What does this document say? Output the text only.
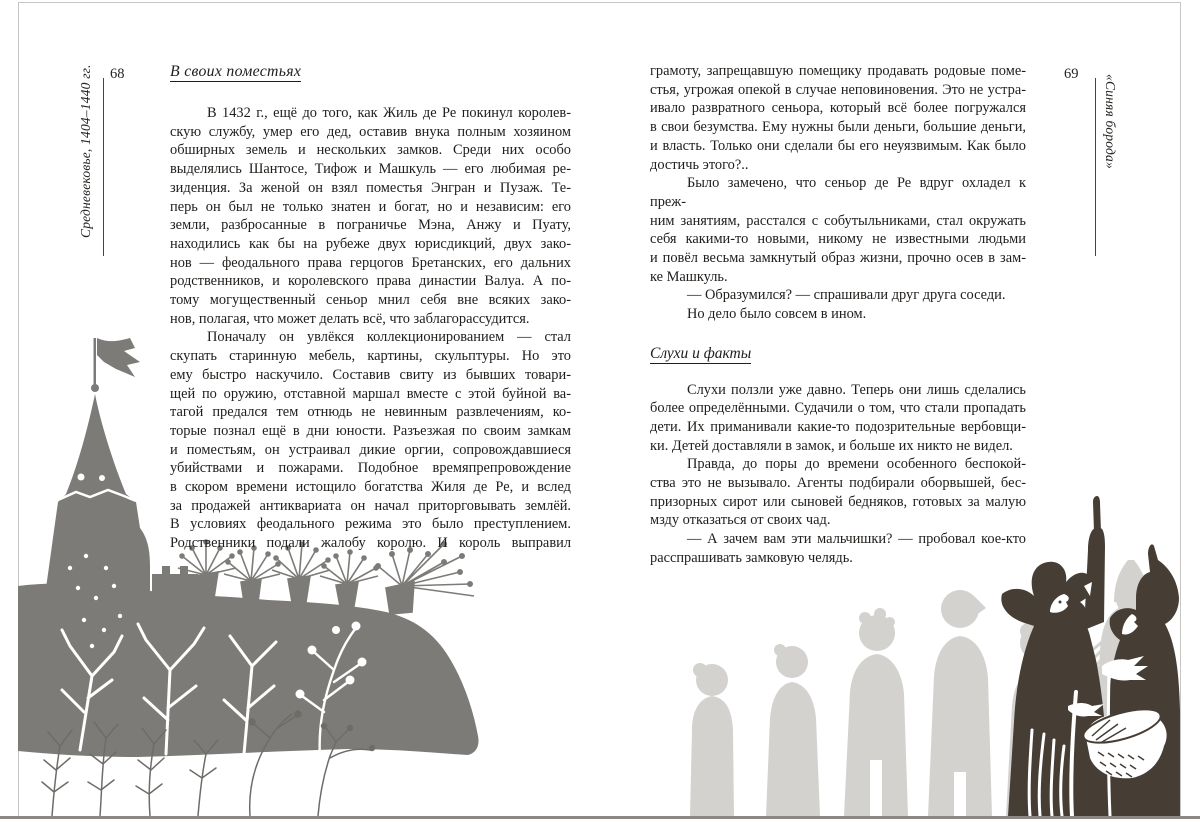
Средневековье, 1404–1440 гг. 68	В своих поместьях
В 1432 г., ещё до того, как Жиль де Ре покинул королев-
скую службу, умер его дед, оставив внука полным хозяином
обширных земель и нескольких замков. Среди них особо
выделялись Шантосе, Тифож и Машкуль — его любимая ре-
зиденция. За женой он взял поместья Энгран и Пузаж. Те-
перь он был не только знатен и богат, но и независим: его
земли, разбросанные в пограничье Мэна, Анжу и Пуату,
находились как бы на рубеже двух юрисдикций, двух зако-
нов — феодального права герцогов Бретанских, его дальних
родственников, и королевского права династии Валуа. А по-
тому могущественный сеньор мнил себя вне всяких зако-
нов, полагая, что может делать всё, что заблагорассудится.
Поначалу он увлёкся коллекционированием — стал
скупать старинную мебель, картины, скульптуры. Но это
ему быстро наскучило. Составив свиту из бывших товари-
щей по оружию, отставной маршал вместе с этой буйной ва-
тагой предался тем отнюдь не невинным развлечениям, ко-
торые познал ещё в дни юности. Разъезжая по своим замкам
и поместьям, он устраивал дикие оргии, сопровождавшиеся
убийствами и пожарами. Подобное времяпрепровождение
в скором времени истощило богатства Жиля де Ре, и вслед
за продажей антиквариата он начал приторговывать землёй.
В условиях феодального режима это было преступлением.
Родственники подали жалобу королю. И король выправил
грамоту, запрещавшую помещику продавать родовые поме-
стья, угрожая опекой в случае неповиновения. Это не устра-
ивало развратного сеньора, который всё более погружался
в свои безумства. Ему нужны были деньги, большие деньги,
и власть. Только они сделали бы его неуязвимым. Как было
достичь этого?..
Было замечено, что сеньор де Ре вдруг охладел к преж-
ним занятиям, расстался с собутыльниками, стал окружать
себя какими-то новыми, никому не известными людьми
и повёл весьма замкнутый образ жизни, прочно осев в зам-
ке Машкуль.
— Образумился? — спрашивали друг друга соседи.
Но дело было совсем в ином.
Слухи и факты
Слухи ползли уже давно. Теперь они лишь сделались
более определёнными. Судачили о том, что стали пропадать
дети. Их приманивали какие-то подозрительные вербовщи-
ки. Детей доставляли в замок, и больше их никто не видел.
Правда, до поры до времени особенного беспокой-
ства это не вызывало. Агенты подбирали оборвышей, бес-
призорных сирот или сыновей бедняков, готовых за малую
мзду отказаться от своих чад.
— А зачем вам эти мальчишки? — пробовал кое-кто
расспрашивать замковую челядь.
69 «Синяя борода»
